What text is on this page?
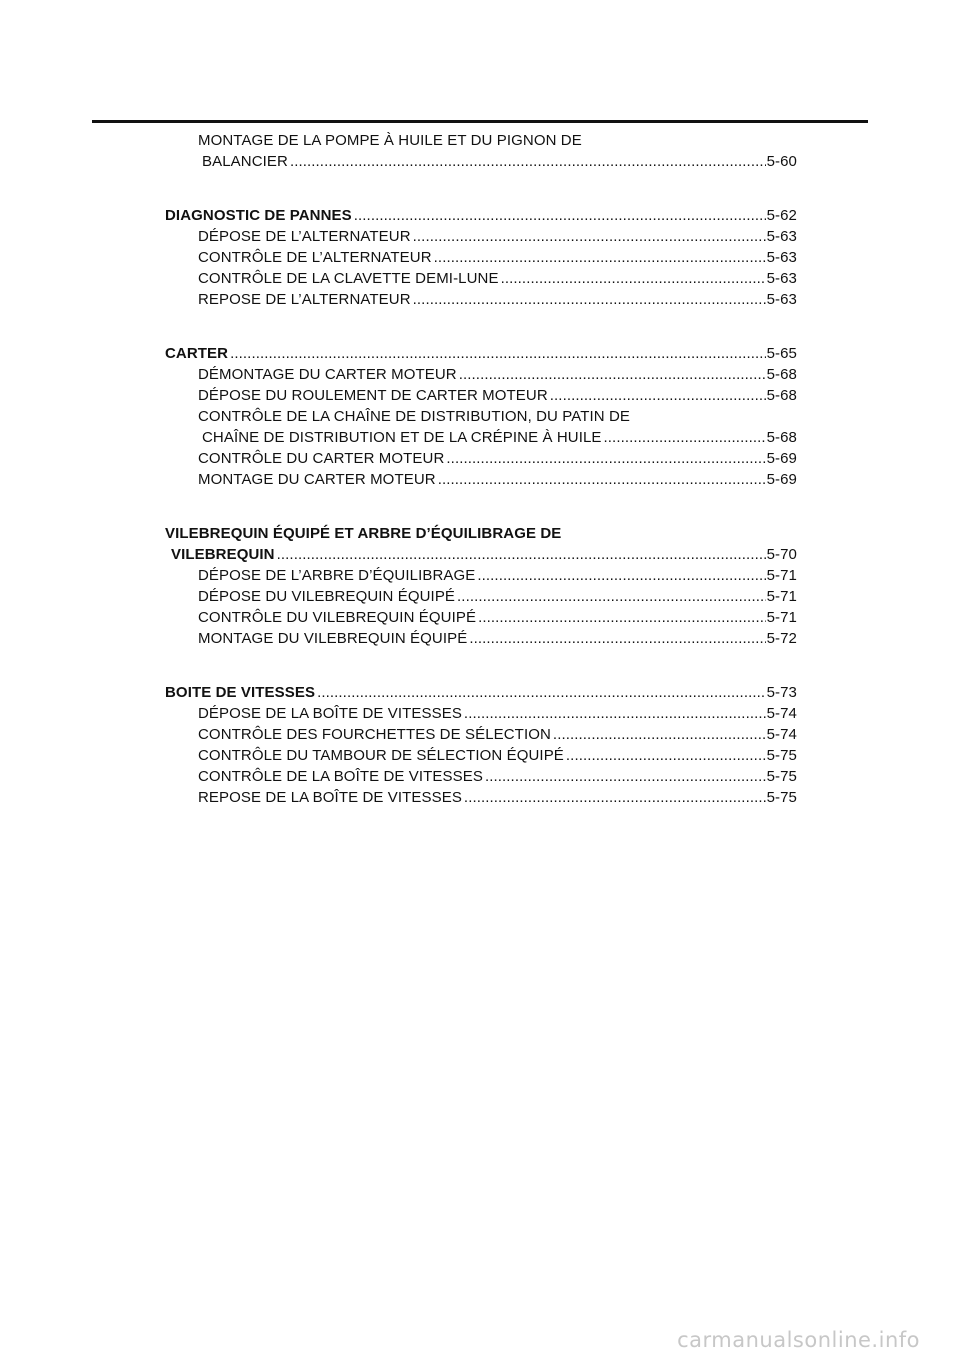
MONTAGE DE LA POMPE À HUILE ET DU PIGNON DE
BALANCIER .....	5-60
DIAGNOSTIC DE PANNES .....	5-62
DÉPOSE DE L’ALTERNATEUR .....	5-63
CONTRÔLE DE L’ALTERNATEUR .....	5-63
CONTRÔLE DE LA CLAVETTE DEMI-LUNE .....	5-63
REPOSE DE L’ALTERNATEUR .....	5-63
CARTER .....	5-65
DÉMONTAGE DU CARTER MOTEUR .....	5-68
DÉPOSE DU ROULEMENT DE CARTER MOTEUR .....	5-68
CONTRÔLE DE LA CHAÎNE DE DISTRIBUTION, DU PATIN DE
CHAÎNE DE DISTRIBUTION ET DE LA CRÉPINE À HUILE .....	5-68
CONTRÔLE DU CARTER MOTEUR .....	5-69
MONTAGE DU CARTER MOTEUR .....	5-69
VILEBREQUIN ÉQUIPÉ ET ARBRE D’ÉQUILIBRAGE DE
VILEBREQUIN .....	5-70
DÉPOSE DE L’ARBRE D’ÉQUILIBRAGE .....	5-71
DÉPOSE DU VILEBREQUIN ÉQUIPÉ .....	5-71
CONTRÔLE DU VILEBREQUIN ÉQUIPÉ .....	5-71
MONTAGE DU VILEBREQUIN ÉQUIPÉ .....	5-72
BOITE DE VITESSES .....	5-73
DÉPOSE DE LA BOÎTE DE VITESSES .....	5-74
CONTRÔLE DES FOURCHETTES DE SÉLECTION .....	5-74
CONTRÔLE DU TAMBOUR DE SÉLECTION ÉQUIPÉ .....	5-75
CONTRÔLE DE LA BOÎTE DE VITESSES .....	5-75
REPOSE DE LA BOÎTE DE VITESSES .....	5-75
carmanualsonline.info
